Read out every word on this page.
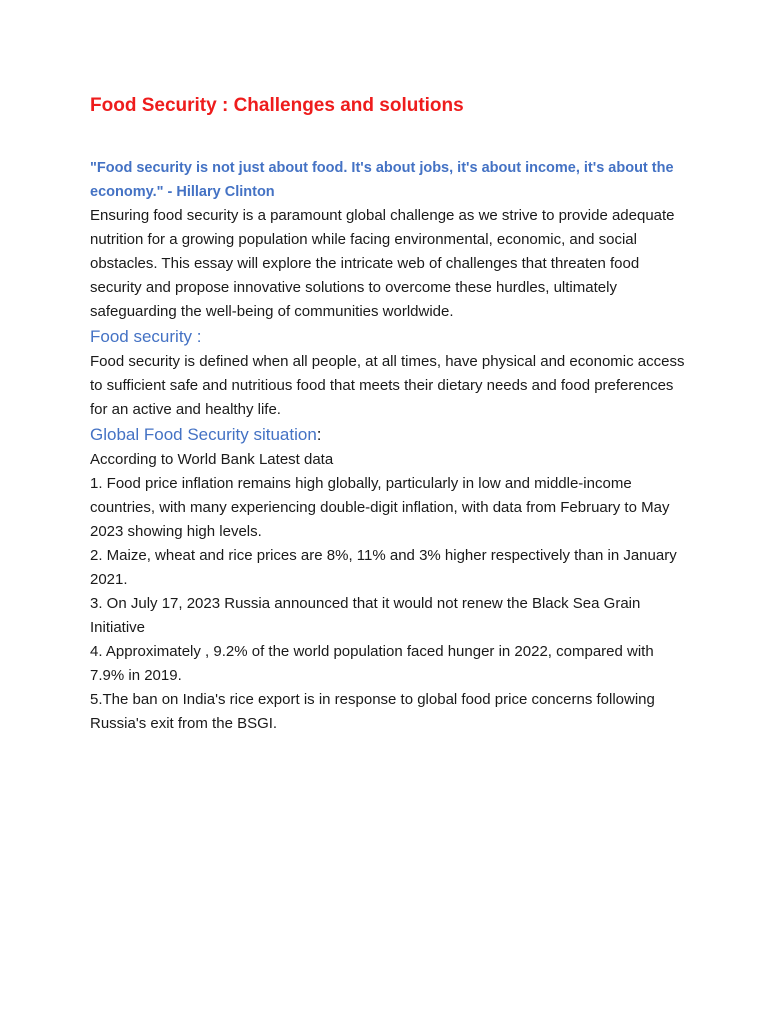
Food Security : Challenges and solutions

"Food security is not just about food. It's about jobs, it's about income, it's about the economy." - Hillary Clinton

Ensuring food security is a paramount global challenge as we strive to provide adequate nutrition for a growing population while facing environmental, economic, and social obstacles. This essay will explore the intricate web of challenges that threaten food security and propose innovative solutions to overcome these hurdles, ultimately safeguarding the well-being of communities worldwide.

Food security :

Food security is defined when all people, at all times, have physical and economic access to sufficient safe and nutritious food that meets their dietary needs and food preferences for an active and healthy life.

Global Food Security situation:

According to World Bank Latest data

1. Food price inflation remains high globally, particularly in low and middle-income countries, with many experiencing double-digit inflation, with data from February to May 2023 showing high levels.

2. Maize, wheat and rice prices are 8%, 11% and 3% higher respectively than in January 2021.

3. On July 17, 2023 Russia announced that it would not renew the Black Sea Grain Initiative

4. Approximately , 9.2% of the world population faced hunger in 2022, compared with 7.9% in 2019.

5.The ban on India's rice export is in response to global food price concerns following Russia's exit from the BSGI.
